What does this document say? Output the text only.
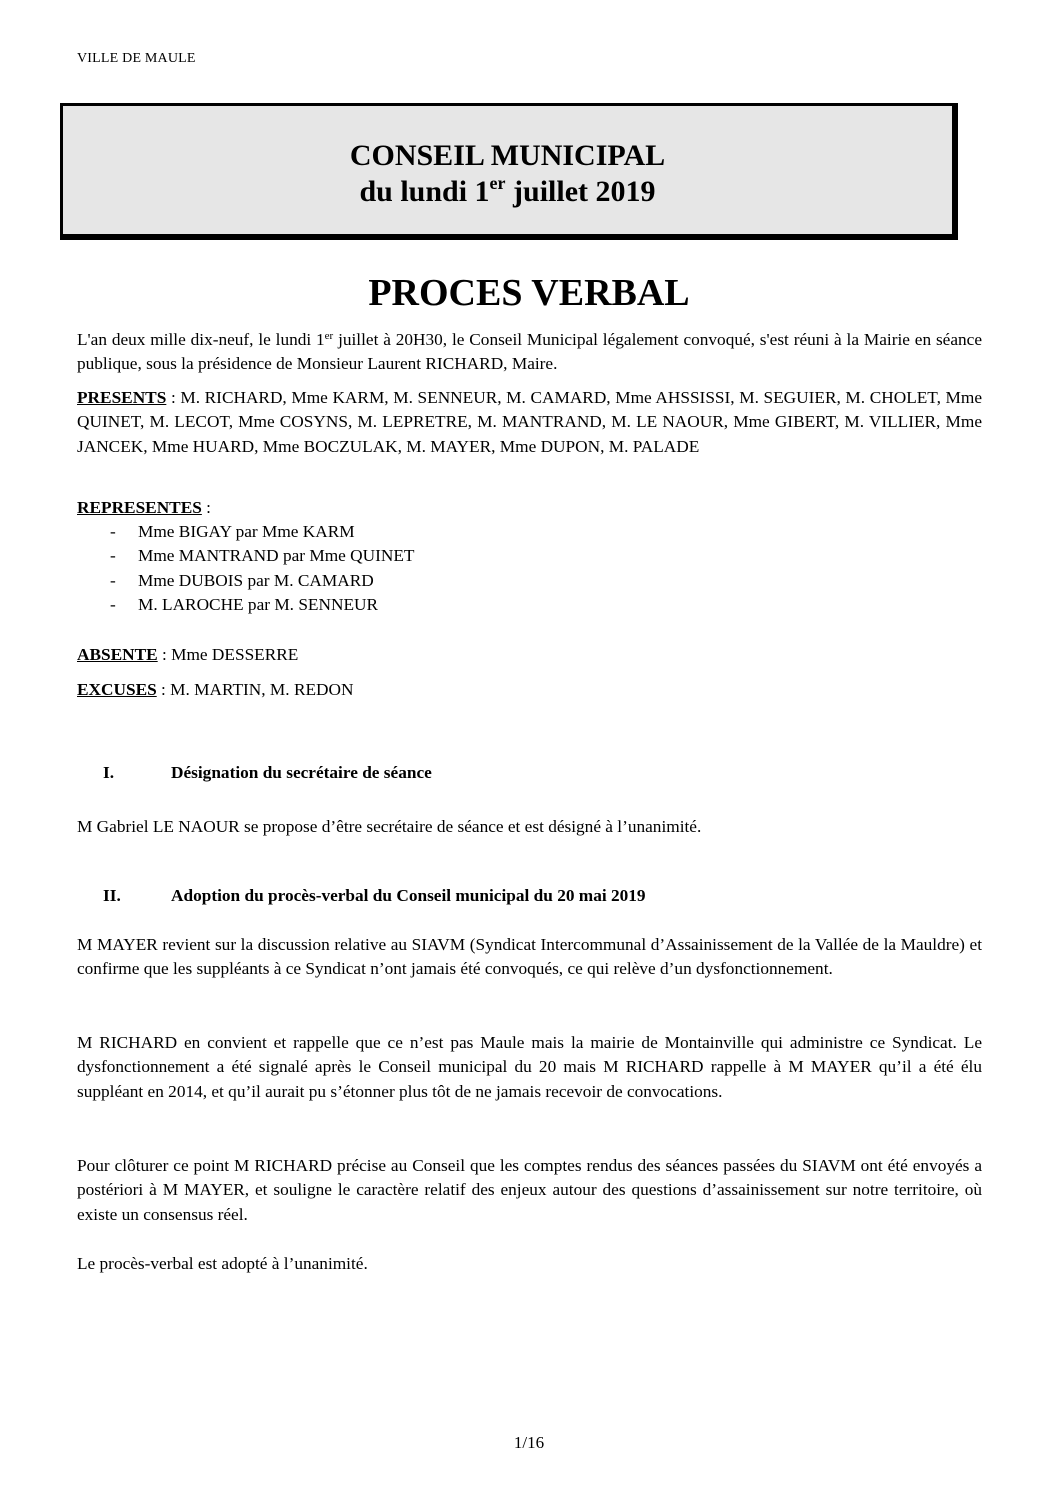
VILLE DE MAULE
CONSEIL MUNICIPAL
du lundi 1er juillet 2019
PROCES VERBAL
L'an deux mille dix-neuf, le lundi 1er juillet à 20H30, le Conseil Municipal légalement convoqué, s'est réuni à la Mairie en séance publique, sous la présidence de Monsieur Laurent RICHARD, Maire.
PRESENTS : M. RICHARD, Mme KARM, M. SENNEUR, M. CAMARD, Mme AHSSISSI, M. SEGUIER, M. CHOLET, Mme QUINET, M. LECOT, Mme COSYNS, M. LEPRETRE, M. MANTRAND, M. LE NAOUR, Mme GIBERT, M. VILLIER, Mme JANCEK, Mme HUARD, Mme BOCZULAK, M. MAYER, Mme DUPON, M. PALADE
REPRESENTES :
- Mme BIGAY par Mme KARM
- Mme MANTRAND par Mme QUINET
- Mme DUBOIS par M. CAMARD
- M. LAROCHE par M. SENNEUR
ABSENTE : Mme DESSERRE
EXCUSES : M. MARTIN, M. REDON
I.	Désignation du secrétaire de séance
M Gabriel LE NAOUR se propose d’être secrétaire de séance et est désigné à l’unanimité.
II.	Adoption du procès-verbal du Conseil municipal du 20 mai 2019
M MAYER revient sur la discussion relative au SIAVM (Syndicat Intercommunal d’Assainissement de la Vallée de la Mauldre) et confirme que les suppléants à ce Syndicat n’ont jamais été convoqués, ce qui relève d’un dysfonctionnement.
M RICHARD en convient et rappelle que ce n’est pas Maule mais la mairie de Montainville qui administre ce Syndicat. Le dysfonctionnement a été signalé après le Conseil municipal du 20 mais M RICHARD rappelle à M MAYER qu’il a été élu suppléant en 2014, et qu’il aurait pu s’étonner plus tôt de ne jamais recevoir de convocations.
Pour clôturer ce point M RICHARD précise au Conseil que les comptes rendus des séances passées du SIAVM ont été envoyés a postériori à M MAYER, et souligne le caractère relatif des enjeux autour des questions d’assainissement sur notre territoire, où existe un consensus réel.
Le procès-verbal est adopté à l’unanimité.
1/16
